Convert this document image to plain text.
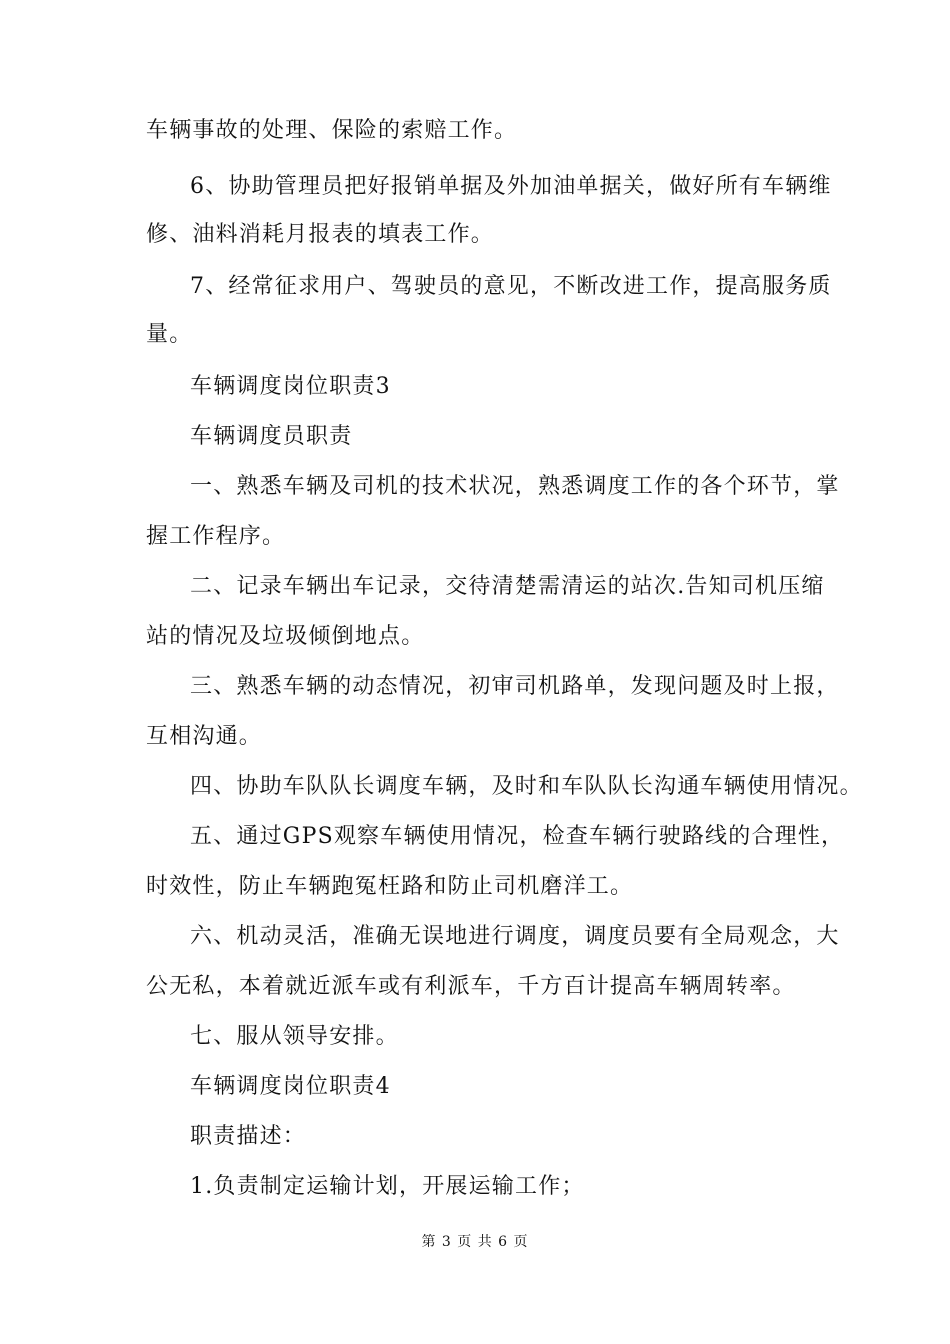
车辆事故的处理、保险的索赔工作。
6、协助管理员把好报销单据及外加油单据关，做好所有车辆维
修、油料消耗月报表的填表工作。
7、经常征求用户、驾驶员的意见，不断改进工作，提高服务质
量。
车辆调度岗位职责3
车辆调度员职责
一、熟悉车辆及司机的技术状况，熟悉调度工作的各个环节，掌
握工作程序。
二、记录车辆出车记录，交待清楚需清运的站次.告知司机压缩
站的情况及垃圾倾倒地点。
三、熟悉车辆的动态情况，初审司机路单，发现问题及时上报，
互相沟通。
四、协助车队队长调度车辆，及时和车队队长沟通车辆使用情况。
五、通过GPS观察车辆使用情况，检查车辆行驶路线的合理性，
时效性，防止车辆跑冤枉路和防止司机磨洋工。
六、机动灵活，准确无误地进行调度，调度员要有全局观念，大
公无私，本着就近派车或有利派车，千方百计提高车辆周转率。
七、服从领导安排。
车辆调度岗位职责4
职责描述：
1.负责制定运输计划，开展运输工作；
第 3 页 共 6 页
